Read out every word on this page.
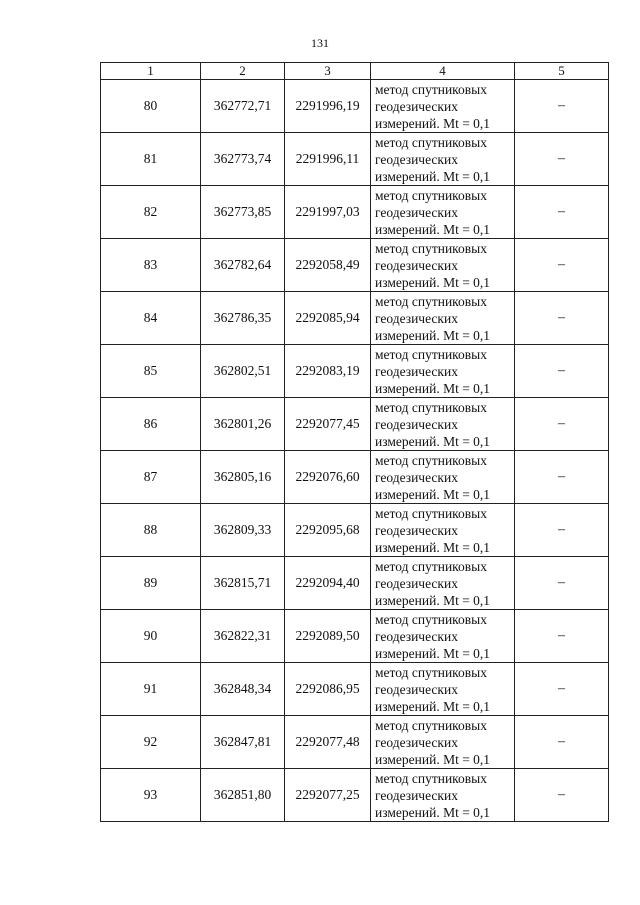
131
1	2	3	4	5
80	362772,71	2291996,19	метод спутниковых
геодезических
измерений. Mt = 0,1	–
81	362773,74	2291996,11	метод спутниковых
геодезических
измерений. Mt = 0,1	–
82	362773,85	2291997,03	метод спутниковых
геодезических
измерений. Mt = 0,1	–
83	362782,64	2292058,49	метод спутниковых
геодезических
измерений. Mt = 0,1	–
84	362786,35	2292085,94	метод спутниковых
геодезических
измерений. Mt = 0,1	–
85	362802,51	2292083,19	метод спутниковых
геодезических
измерений. Mt = 0,1	–
86	362801,26	2292077,45	метод спутниковых
геодезических
измерений. Mt = 0,1	–
87	362805,16	2292076,60	метод спутниковых
геодезических
измерений. Mt = 0,1	–
88	362809,33	2292095,68	метод спутниковых
геодезических
измерений. Mt = 0,1	–
89	362815,71	2292094,40	метод спутниковых
геодезических
измерений. Mt = 0,1	–
90	362822,31	2292089,50	метод спутниковых
геодезических
измерений. Mt = 0,1	–
91	362848,34	2292086,95	метод спутниковых
геодезических
измерений. Mt = 0,1	–
92	362847,81	2292077,48	метод спутниковых
геодезических
измерений. Mt = 0,1	–
93	362851,80	2292077,25	метод спутниковых
геодезических
измерений. Mt = 0,1	–
